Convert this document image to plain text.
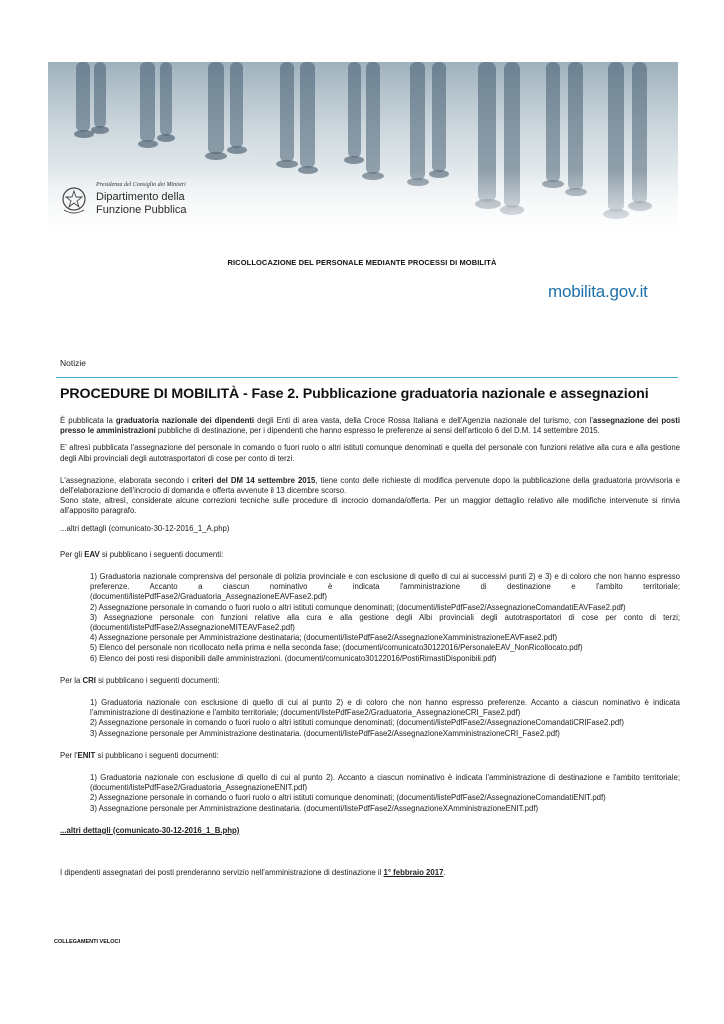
Presidenza del Consiglio dei Ministri
Dipartimento della
Funzione Pubblica
RICOLLOCAZIONE DEL PERSONALE MEDIANTE PROCESSI DI MOBILITÀ
mobilita.gov.it
Notizie
PROCEDURE DI MOBILITÀ - Fase 2. Pubblicazione graduatoria nazionale e assegnazioni

È pubblicata la graduatoria nazionale dei dipendenti degli Enti di area vasta, della Croce Rossa Italiana e dell'Agenzia nazionale del turismo, con l'assegnazione dei posti presso le amministrazioni pubbliche di destinazione, per i dipendenti che hanno espresso le preferenze ai sensi dell'articolo 6 del D.M. 14 settembre 2015.

E' altresì pubblicata l'assegnazione del personale in comando o fuori ruolo o altri istituti comunque denominati e quella del personale con funzioni relative alla cura e alla gestione degli Albi provinciali degli autotrasportatori di cose per conto di terzi.

L'assegnazione, elaborata secondo i criteri del DM 14 settembre 2015, tiene conto delle richieste di modifica pervenute dopo la pubblicazione della graduatoria provvisoria e dell'elaborazione dell'incrocio di domanda e offerta avvenute il 13 dicembre scorso.

Sono state, altresì, considerate alcune correzioni tecniche sulle procedure di incrocio domanda/offerta. Per un maggior dettaglio relativo alle modifiche intervenute si rinvia all'apposito paragrafo.

...altri dettagli (comunicato-30-12-2016_1_A.php)

Per gli EAV si pubblicano i seguenti documenti:

1) Graduatoria nazionale comprensiva del personale di polizia provinciale e con esclusione di quello di cui ai successivi punti 2) e 3) e di coloro che non hanno espresso preferenze. Accanto a ciascun nominativo è indicata l'amministrazione di destinazione e l'ambito territoriale; (documenti/listePdfFase2/Graduatoria_AssegnazioneEAVFase2.pdf)
2) Assegnazione personale in comando o fuori ruolo o altri istituti comunque denominati; (documenti/listePdfFase2/AssegnazioneComandatiEAVFase2.pdf)
3) Assegnazione personale con funzioni relative alla cura e alla gestione degli Albi provinciali degli autotrasportatori di cose per conto di terzi; (documenti/listePdfFase2/AssegnazioneMITEAVFase2.pdf)
4) Assegnazione personale per Amministrazione destinataria; (documenti/listePdfFase2/AssegnazioneXamministrazioneEAVFase2.pdf)
5) Elenco del personale non ricollocato nella prima e nella seconda fase; (documenti/comunicato30122016/PersonaleEAV_NonRicollocato.pdf)
6) Elenco dei posti resi disponibili dalle amministrazioni. (documenti/comunicato30122016/PostiRimastiDisponibili.pdf)

Per la CRI si pubblicano i seguenti documenti:

1) Graduatoria nazionale con esclusione di quello di cui al punto 2) e di coloro che non hanno espresso preferenze. Accanto a ciascun nominativo è indicata l'amministrazione di destinazione e l'ambito territoriale; (documenti/listePdfFase2/Graduatoria_AssegnazioneCRI_Fase2.pdf)
2) Assegnazione personale in comando o fuori ruolo o altri istituti comunque denominati; (documenti/listePdfFase2/AssegnazioneComandatiCRIFase2.pdf)
3) Assegnazione personale per Amministrazione destinataria. (documenti/listePdfFase2/AssegnazioneXamministrazioneCRI_Fase2.pdf)

Per l'ENIT si pubblicano i seguenti documenti:

1) Graduatoria nazionale con esclusione di quello di cui al punto 2). Accanto a ciascun nominativo è indicata l'amministrazione di destinazione e l'ambito territoriale; (documenti/listePdfFase2/Graduatoria_AssegnazioneENIT.pdf)
2) Assegnazione personale in comando o fuori ruolo o altri istituti comunque denominati; (documenti/listePdfFase2/AssegnazioneComandatiENIT.pdf)
3) Assegnazione personale per Amministrazione destinataria. (documenti/listePdfFase2/AssegnazioneXAmministrazioneENIT.pdf)

...altri dettagli (comunicato-30-12-2016_1_B.php)

I dipendenti assegnatari dei posti prenderanno servizio nell'amministrazione di destinazione il 1° febbraio 2017.

COLLEGAMENTI VELOCI
